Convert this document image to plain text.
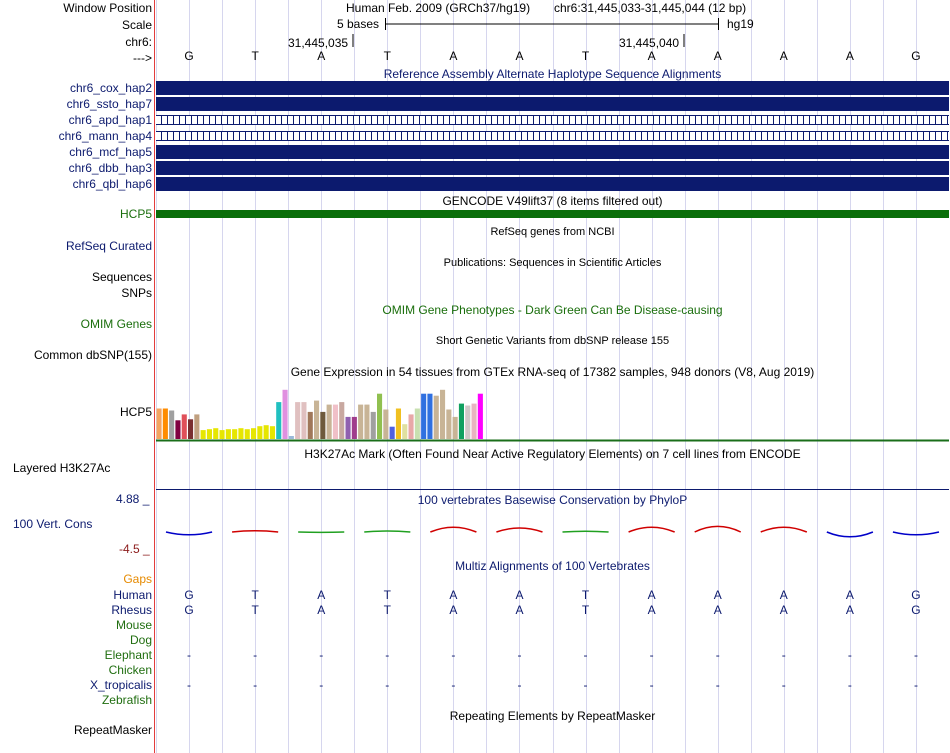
Window Position
Scale
chr6:
--->
Human Feb. 2009 (GRCh37/hg19) chr6:31,445,033-31,445,044 (12 bp)
5 bases	hg19
31,445,035	31,445,040
G	T	A	T	A	A	T	A	A	A	A	G
Reference Assembly Alternate Haplotype Sequence Alignments
chr6_cox_hap2
chr6_ssto_hap7
chr6_apd_hap1
chr6_mann_hap4
chr6_mcf_hap5
chr6_dbb_hap3
chr6_qbl_hap6
GENCODE V49lift37 (8 items filtered out)
HCP5
RefSeq Curated
RefSeq genes from NCBI
Publications: Sequences in Scientific Articles
Sequences
SNPs
OMIM Gene Phenotypes - Dark Green Can Be Disease-causing
OMIM Genes
Short Genetic Variants from dbSNP release 155
Common dbSNP(155)
Gene Expression in 54 tissues from GTEx RNA-seq of 17382 samples, 948 donors (V8, Aug 2019)
HCP5
H3K27Ac Mark (Often Found Near Active Regulatory Elements) on 7 cell lines from ENCODE
Layered H3K27Ac
100 vertebrates Basewise Conservation by PhyloP
4.88 _
100 Vert. Cons
-4.5 _
Multiz Alignments of 100 Vertebrates
Gaps
Human	G	T	A	T	A	A	T	A	A	A	A	G
Rhesus	G	T	A	T	A	A	T	A	A	A	A	G
Mouse
Dog
Elephant	-	-	-	-	-	-	-	-	-	-	-	-
Chicken
X_tropicalis	-	-	-	-	-	-	-	-	-	-	-	-
Zebrafish
Repeating Elements by RepeatMasker
RepeatMasker
